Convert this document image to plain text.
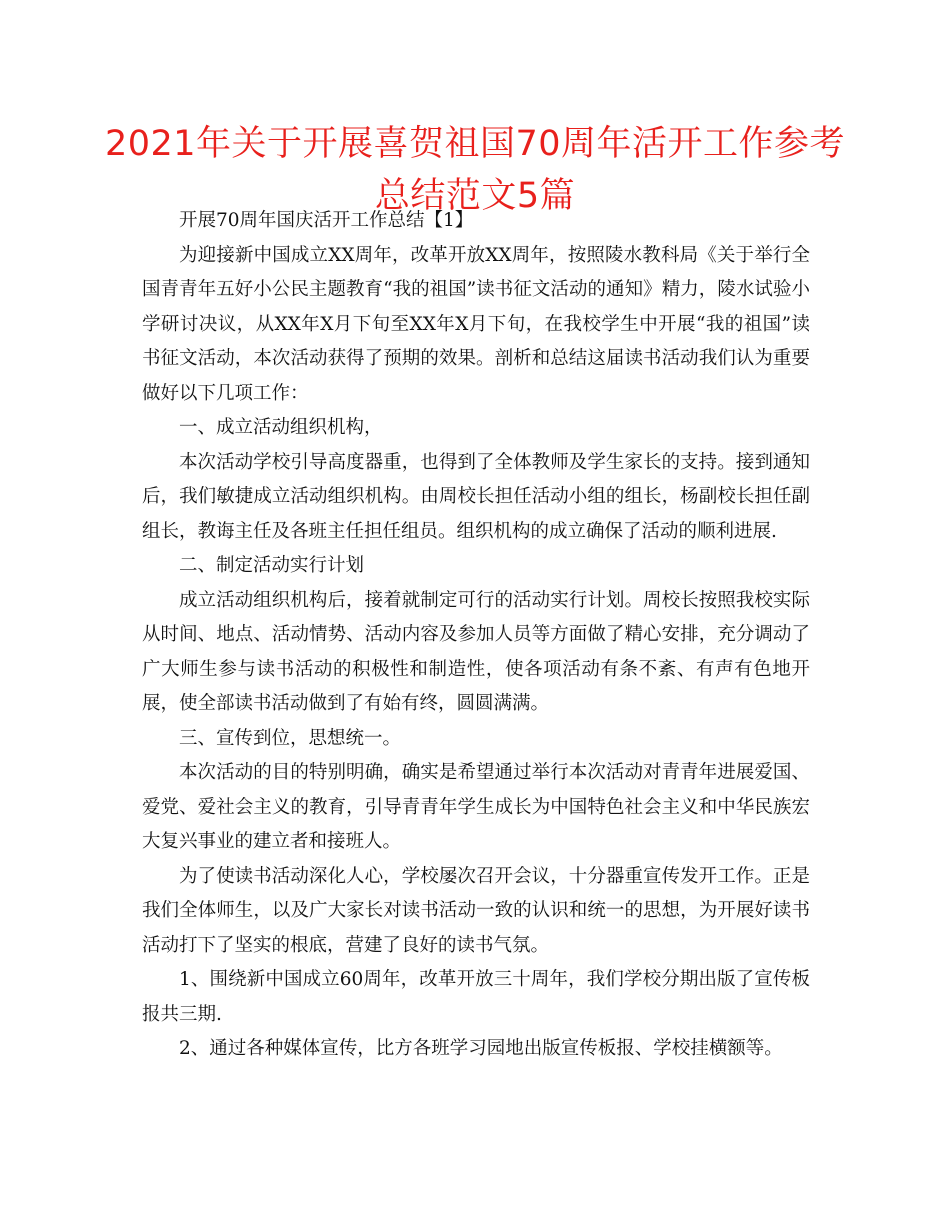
2021年关于开展喜贺祖国70周年活开工作参考
总结范文5篇

开展70周年国庆活开工作总结【1】

为迎接新中国成立XX周年，改革开放XX周年，按照陵水教科局《关于举行全国青青年五好小公民主题教育“我的祖国”读书征文活动的通知》精力，陵水试验小学研讨决议，从XX年X月下旬至XX年X月下旬，在我校学生中开展“我的祖国”读书征文活动，本次活动获得了预期的效果。剖析和总结这届读书活动我们认为重要做好以下几项工作：

一、成立活动组织机构，

本次活动学校引导高度器重，也得到了全体教师及学生家长的支持。接到通知后，我们敏捷成立活动组织机构。由周校长担任活动小组的组长，杨副校长担任副组长，教诲主任及各班主任担任组员。组织机构的成立确保了活动的顺利进展.

二、制定活动实行计划

成立活动组织机构后，接着就制定可行的活动实行计划。周校长按照我校实际从时间、地点、活动情势、活动内容及参加人员等方面做了精心安排，充分调动了广大师生参与读书活动的积极性和制造性，使各项活动有条不紊、有声有色地开展，使全部读书活动做到了有始有终，圆圆满满。

三、宣传到位，思想统一。

本次活动的目的特别明确，确实是希望通过举行本次活动对青青年进展爱国、爱党、爱社会主义的教育，引导青青年学生成长为中国特色社会主义和中华民族宏大复兴事业的建立者和接班人。

为了使读书活动深化人心，学校屡次召开会议，十分器重宣传发开工作。正是我们全体师生，以及广大家长对读书活动一致的认识和统一的思想，为开展好读书活动打下了坚实的根底，营建了良好的读书气氛。

1、围绕新中国成立60周年，改革开放三十周年，我们学校分期出版了宣传板报共三期.

2、通过各种媒体宣传，比方各班学习园地出版宣传板报、学校挂横额等。
